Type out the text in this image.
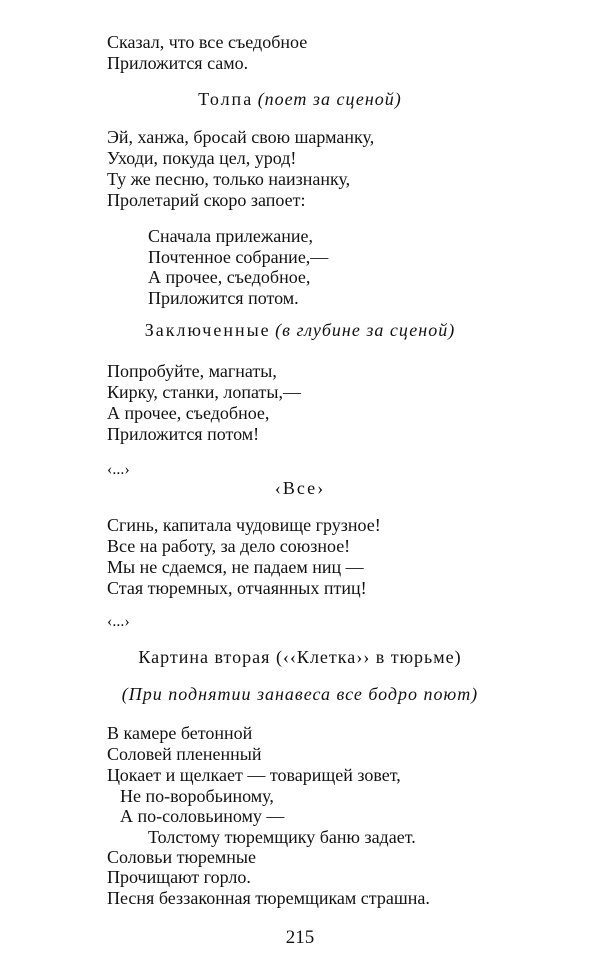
Сказал, что все съедобное
Приложится само.
Толпа (поет за сценой)
Эй, ханжа, бросай свою шарманку,
Уходи, покуда цел, урод!
Ту же песню, только наизнанку,
Пролетарий скоро запоет:
Сначала прилежание,
Почтенное собрание,—
А прочее, съедобное,
Приложится потом.
Заключенные (в глубине за сценой)
Попробуйте, магнаты,
Кирку, станки, лопаты,—
А прочее, съедобное,
Приложится потом!
‹...›
‹Все›
Сгинь, капитала чудовище грузное!
Все на работу, за дело союзное!
Мы не сдаемся, не падаем ниц —
Стая тюремных, отчаянных птиц!
‹...›
Картина вторая (‹‹Клетка›› в тюрьме)
(При поднятии занавеса все бодро поют)
В камере бетонной
Соловей плененный
Цокает и щелкает — товарищей зовет,
Не по-воробьиному,
А по-соловьиному —
Толстому тюремщику баню задает.
Соловьи тюремные
Прочищают горло.
Песня беззаконная тюремщикам страшна.
215
